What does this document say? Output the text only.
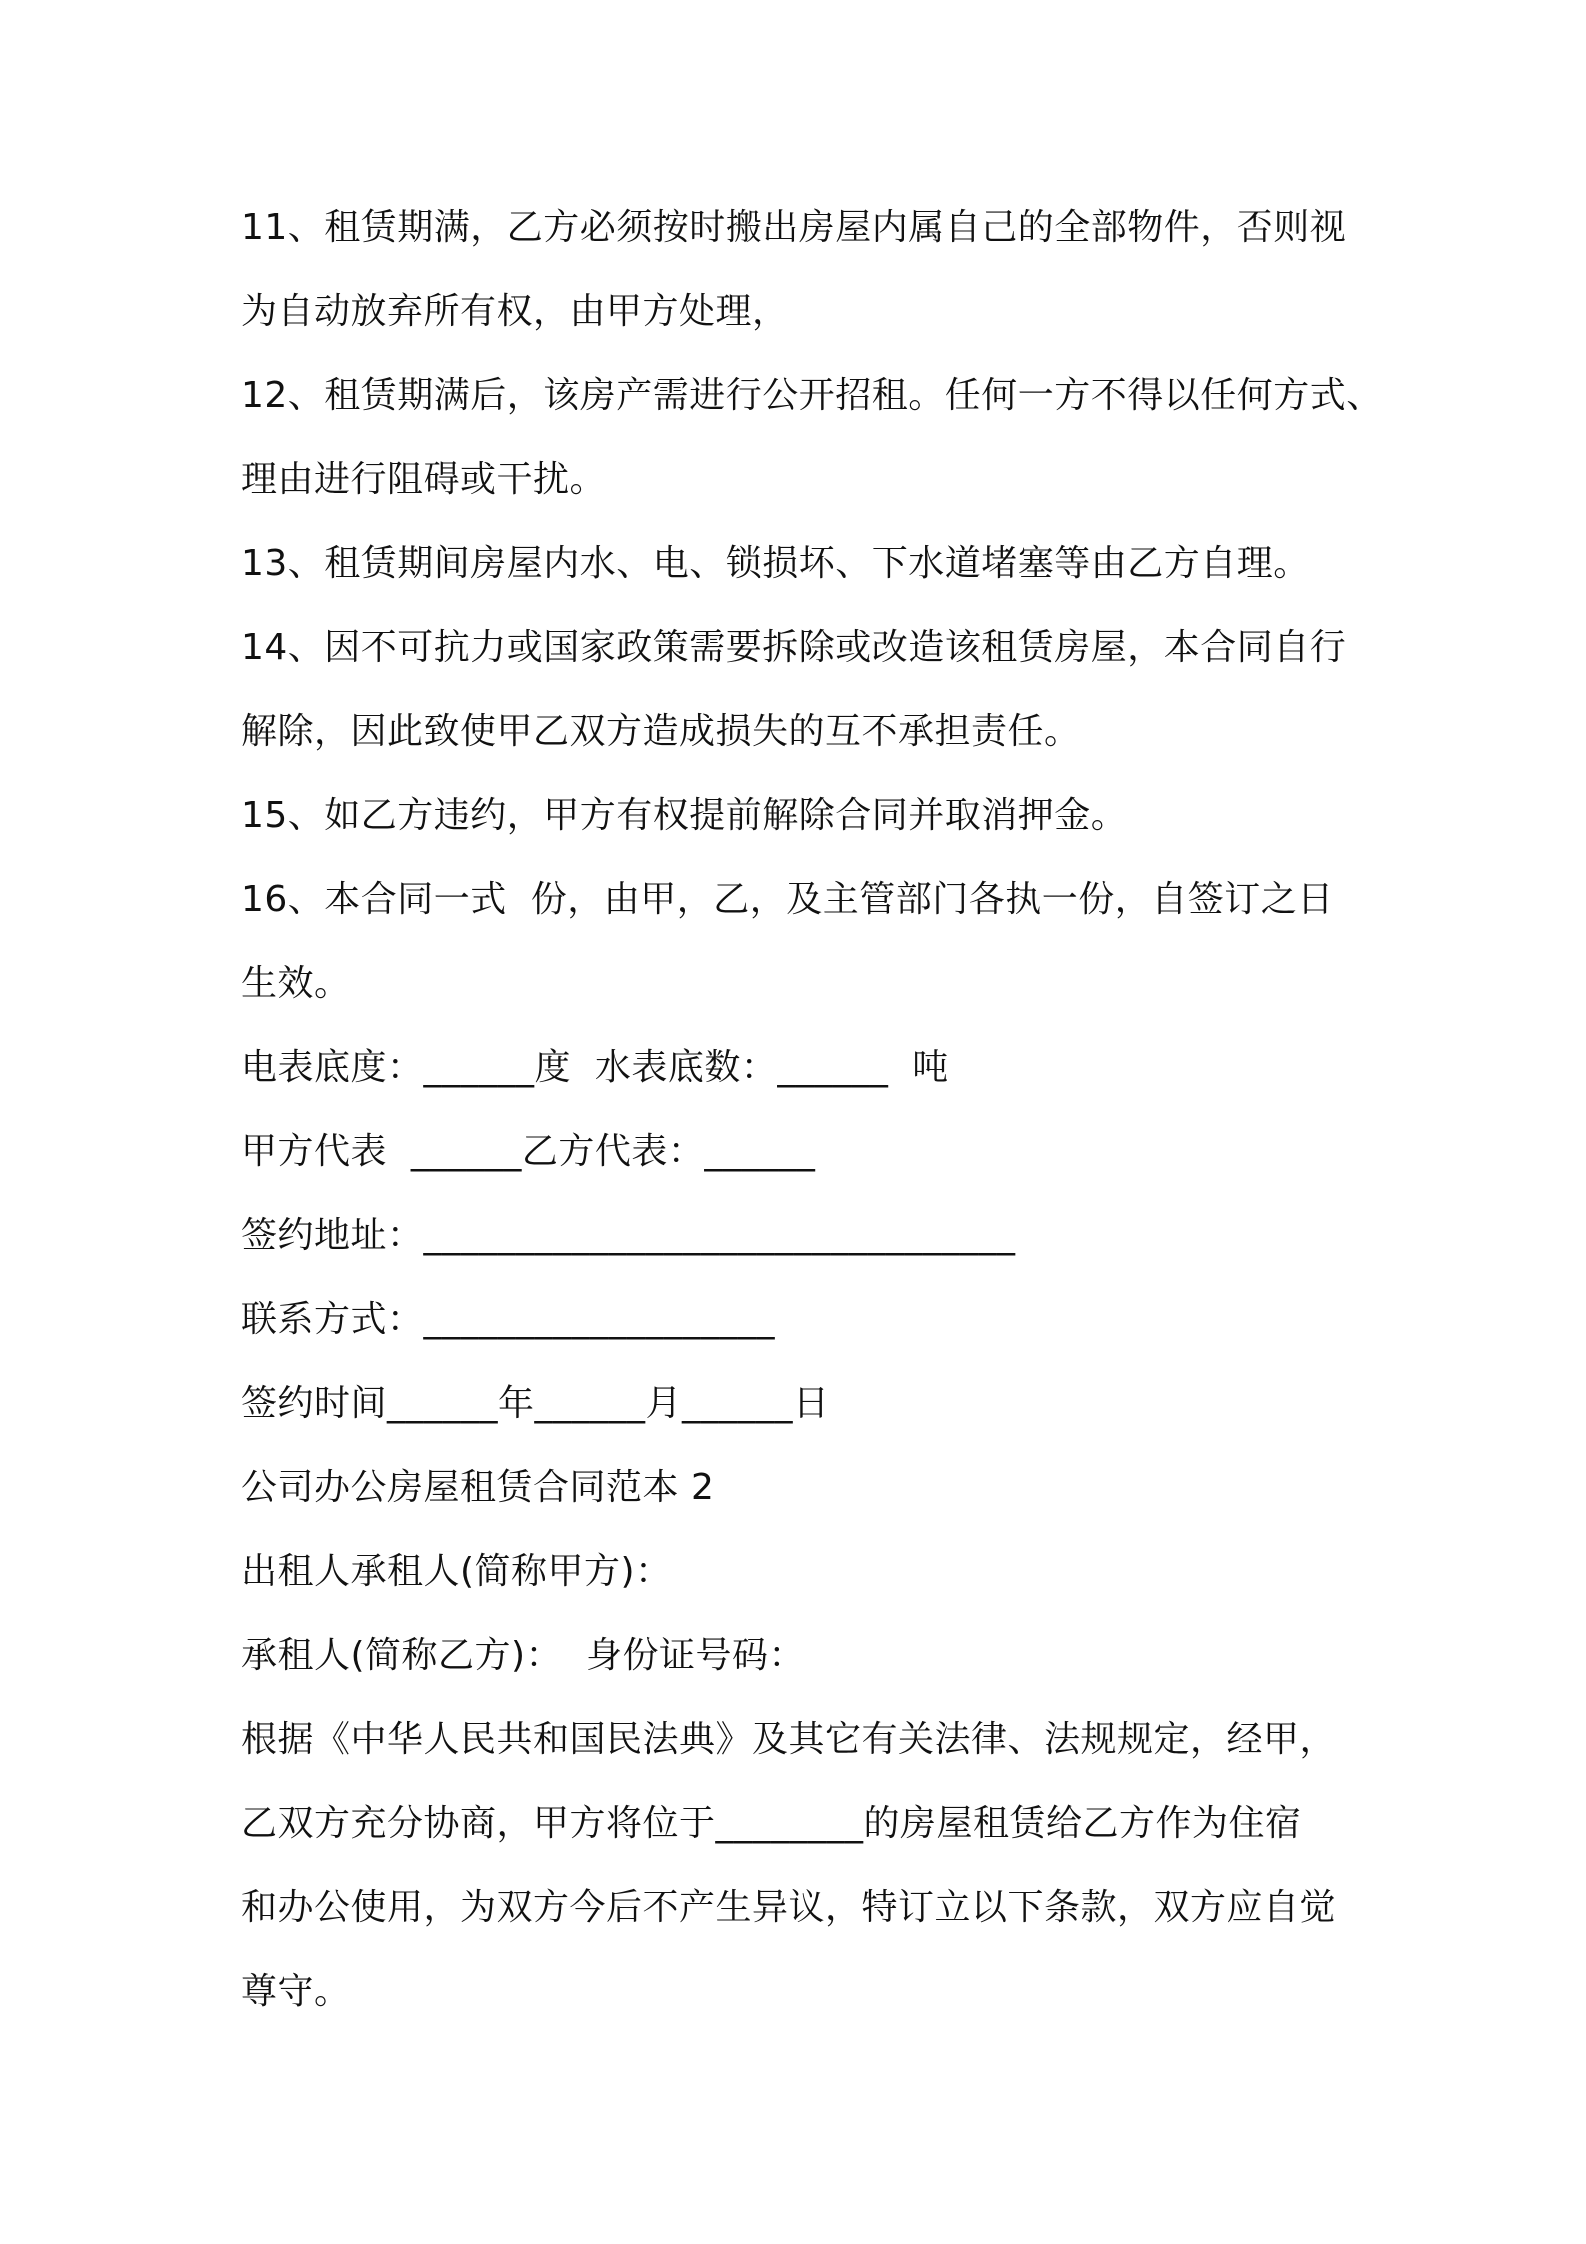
11、租赁期满，乙方必须按时搬出房屋内属自己的全部物件，否则视
为自动放弃所有权，由甲方处理，
12、租赁期满后，该房产需进行公开招租。任何一方不得以任何方式、
理由进行阻碍或干扰。
13、租赁期间房屋内水、电、锁损坏、下水道堵塞等由乙方自理。
14、因不可抗力或国家政策需要拆除或改造该租赁房屋，本合同自行
解除，因此致使甲乙双方造成损失的互不承担责任。
15、如乙方违约，甲方有权提前解除合同并取消押金。
16、本合同一式  份，由甲，乙，及主管部门各执一份，自签订之日
生效。
电表底度：______度  水表底数：______  吨
甲方代表  ______乙方代表：______
签约地址：________________________________
联系方式：___________________
签约时间______年______月______日
公司办公房屋租赁合同范本 2
出租人承租人(简称甲方)：
承租人(简称乙方)：  身份证号码：
根据《中华人民共和国民法典》及其它有关法律、法规规定，经甲，
乙双方充分协商，甲方将位于________的房屋租赁给乙方作为住宿
和办公使用，为双方今后不产生异议，特订立以下条款，双方应自觉
尊守。
